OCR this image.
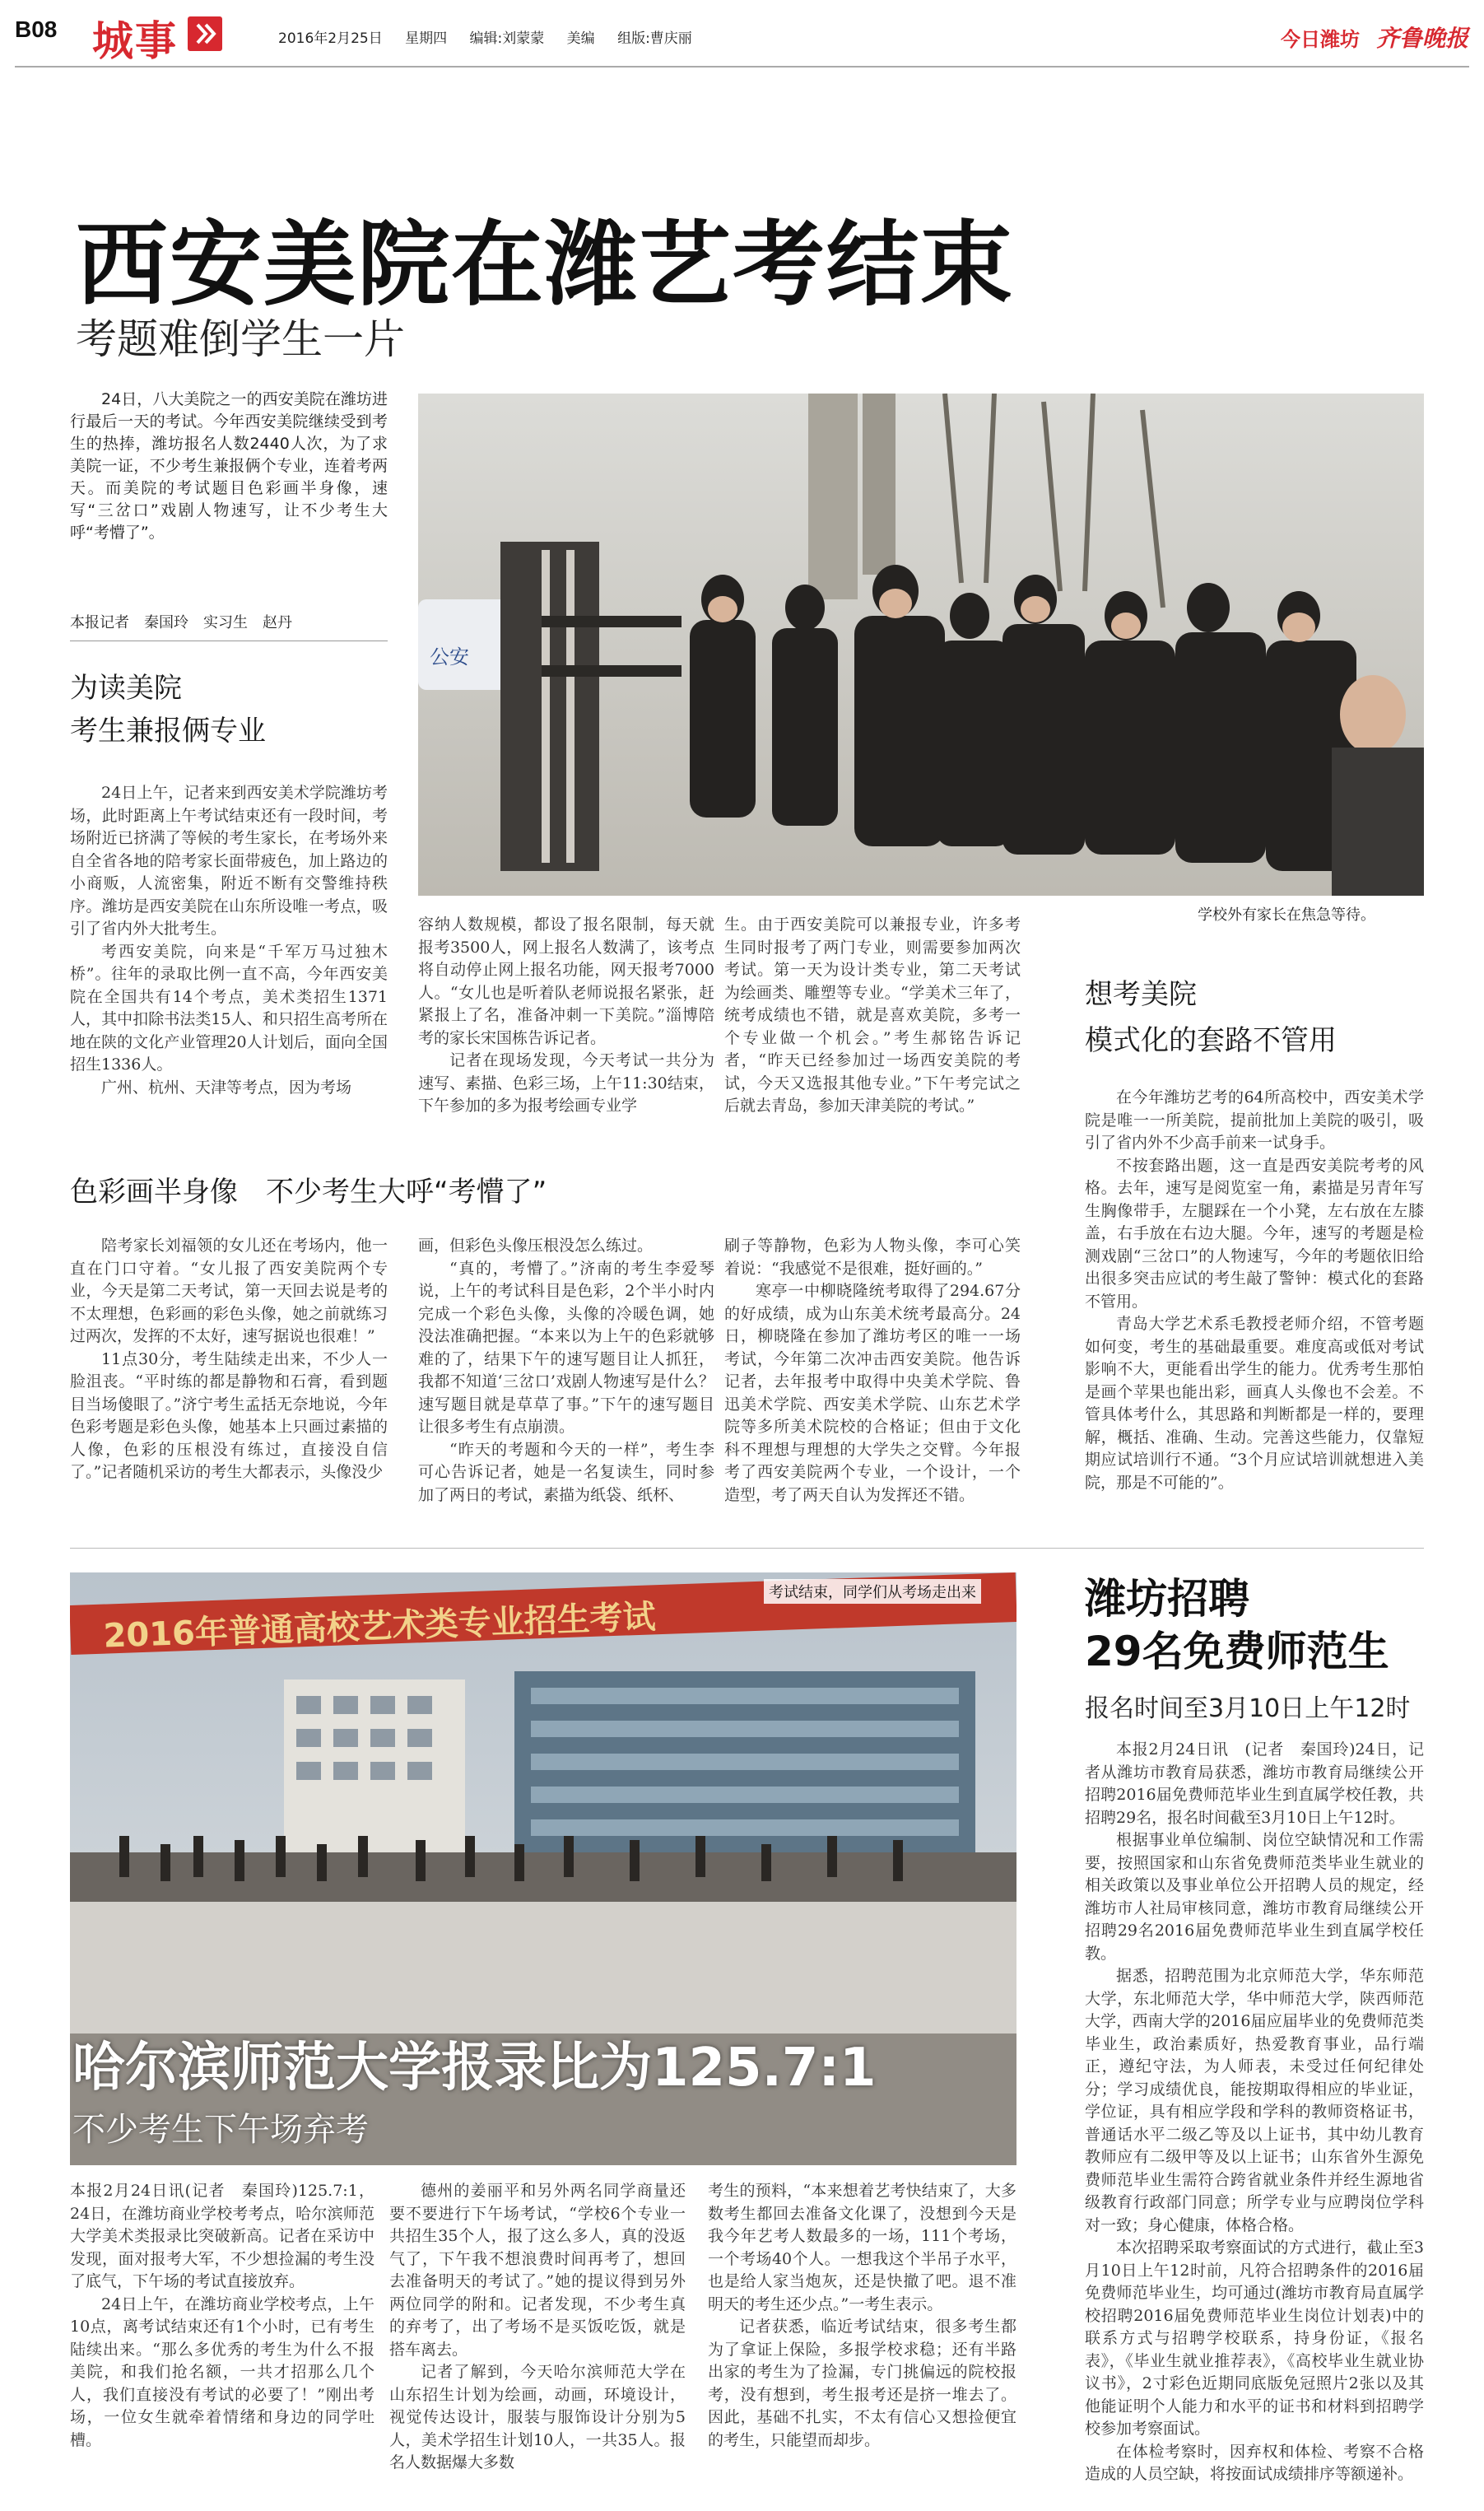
B08 城事	2016年2月25日 星期四 编辑:刘蒙蒙 美编 组版:曹庆丽	今日潍坊 齐鲁晚报
西安美院在潍艺考结束
考题难倒学生一片

24日，八大美院之一的西安美院在潍坊进行最后一天的考试。今年西安美院继续受到考生的热捧，潍坊报名人数2440人次，为了求美院一证，不少考生兼报俩个专业，连着考两天。而美院的考试题目色彩画半身像，速写“三岔口”戏剧人物速写，让不少考生大呼“考懵了”。

本报记者　秦国玲　实习生　赵丹
公安
学校外有家长在焦急等待。
为读美院
考生兼报俩专业

24日上午，记者来到西安美术学院潍坊考场，此时距离上午考试结束还有一段时间，考场附近已挤满了等候的考生家长，在考场外来自全省各地的陪考家长面带疲色，加上路边的小商贩，人流密集，附近不断有交警维持秩序。潍坊是西安美院在山东所设唯一考点，吸引了省内外大批考生。

考西安美院，向来是“千军万马过独木桥”。往年的录取比例一直不高，今年西安美院在全国共有14个考点，美术类招生1371人，其中扣除书法类15人、和只招生高考所在地在陕的文化产业管理20人计划后，面向全国招生1336人。

广州、杭州、天津等考点，因为考场

容纳人数规模，都设了报名限制，每天就报考3500人，网上报名人数满了，该考点将自动停止网上报名功能，网天报考7000人。“女儿也是听着队老师说报名紧张，赶紧报上了名，准备冲刺一下美院。”淄博陪考的家长宋国栋告诉记者。

记者在现场发现，今天考试一共分为速写、素描、色彩三场，上午11:30结束，下午参加的多为报考绘画专业学

生。由于西安美院可以兼报专业，许多考生同时报考了两门专业，则需要参加两次考试。第一天为设计类专业，第二天考试为绘画类、雕塑等专业。“学美术三年了，统考成绩也不错，就是喜欢美院，多考一个专业做一个机会。”考生郝铭告诉记者，“昨天已经参加过一场西安美院的考试，今天又选报其他专业。”下午考完试之后就去青岛，参加天津美院的考试。”

色彩画半身像　不少考生大呼“考懵了”

陪考家长刘福领的女儿还在考场内，他一直在门口守着。“女儿报了西安美院两个专业，今天是第二天考试，第一天回去说是考的不太理想，色彩画的彩色头像，她之前就练习过两次，发挥的不太好，速写据说也很难！”

11点30分，考生陆续走出来，不少人一脸沮丧。“平时练的都是静物和石膏，看到题目当场傻眼了。”济宁考生孟括无奈地说，今年色彩考题是彩色头像，她基本上只画过素描的人像，色彩的压根没有练过，直接没自信了。”记者随机采访的考生大都表示，头像没少

画，但彩色头像压根没怎么练过。

“真的，考懵了。”济南的考生李爱琴说，上午的考试科目是色彩，2个半小时内完成一个彩色头像，头像的冷暖色调，她没法准确把握。“本来以为上午的色彩就够难的了，结果下午的速写题目让人抓狂，我都不知道‘三岔口’戏剧人物速写是什么？速写题目就是草草了事。”下午的速写题目让很多考生有点崩溃。

“昨天的考题和今天的一样”，考生李可心告诉记者，她是一名复读生，同时参加了两日的考试，素描为纸袋、纸杯、

刷子等静物，色彩为人物头像，李可心笑着说：“我感觉不是很难，挺好画的。”

寒亭一中柳晓隆统考取得了294.67分的好成绩，成为山东美术统考最高分。24日，柳晓隆在参加了潍坊考区的唯一一场考试，今年第二次冲击西安美院。他告诉记者，去年报考中取得中央美术学院、鲁迅美术学院、西安美术学院、山东艺术学院等多所美术院校的合格证；但由于文化科不理想与理想的大学失之交臂。今年报考了西安美院两个专业，一个设计，一个造型，考了两天自认为发挥还不错。

想考美院
模式化的套路不管用

在今年潍坊艺考的64所高校中，西安美术学院是唯一一所美院，提前批加上美院的吸引，吸引了省内外不少高手前来一试身手。

不按套路出题，这一直是西安美院考考的风格。去年，速写是阅览室一角，素描是另青年写生胸像带手，左腿踩在一个小凳，左右放在左膝盖，右手放在右边大腿。今年，速写的考题是检测戏剧“三岔口”的人物速写，今年的考题依旧给出很多突击应试的考生敲了警钟：模式化的套路不管用。

青岛大学艺术系毛教授老师介绍，不管考题如何变，考生的基础最重要。难度高或低对考试影响不大，更能看出学生的能力。优秀考生那怕是画个苹果也能出彩，画真人头像也不会差。不管具体考什么，其思路和判断都是一样的，要理解，概括、准确、生动。完善这些能力，仅靠短期应试培训行不通。“3个月应试培训就想进入美院，那是不可能的”。

2016年普通高校艺术类专业招生考试
考试结束，同学们从考场走出来
哈尔滨师范大学报录比为125.7:1
不少考生下午场弃考

本报2月24日讯(记者　秦国玲)125.7:1，24日，在潍坊商业学校考考点，哈尔滨师范大学美术类报录比突破新高。记者在采访中发现，面对报考大军，不少想捡漏的考生没了底气，下午场的考试直接放弃。

24日上午，在潍坊商业学校考点，上午10点，离考试结束还有1个小时，已有考生陆续出来。“那么多优秀的考生为什么不报美院，和我们抢名额，一共才招那么几个人，我们直接没有考试的必要了！”刚出考场，一位女生就牵着情绪和身边的同学吐槽。

德州的姜丽平和另外两名同学商量还要不要进行下午场考试，“学校6个专业一共招生35个人，报了这么多人，真的没返气了，下午我不想浪费时间再考了，想回去准备明天的考试了。”她的提议得到另外两位同学的附和。记者发现，不少考生真的弃考了，出了考场不是买饭吃饭，就是搭车离去。

记者了解到，今天哈尔滨师范大学在山东招生计划为绘画，动画，环境设计，视觉传达设计，服装与服饰设计分别为5人，美术学招生计划10人，一共35人。报名人数据爆大多数

考生的预料，“本来想着艺考快结束了，大多数考生都回去准备文化课了，没想到今天是我今年艺考人数最多的一场，111个考场，一个考场40个人。一想我这个半吊子水平，也是给人家当炮灰，还是快撤了吧。退不准明天的考生还少点。”一考生表示。

记者获悉，临近考试结束，很多考生都为了拿证上保险，多报学校求稳；还有半路出家的考生为了捡漏，专门挑偏远的院校报考，没有想到，考生报考还是挤一堆去了。因此，基础不扎实，不太有信心又想捡便宜的考生，只能望而却步。

潍坊招聘
29名免费师范生
报名时间至3月10日上午12时

本报2月24日讯　(记者　秦国玲)24日，记者从潍坊市教育局获悉，潍坊市教育局继续公开招聘2016届免费师范毕业生到直属学校任教，共招聘29名，报名时间截至3月10日上午12时。

根据事业单位编制、岗位空缺情况和工作需要，按照国家和山东省免费师范类毕业生就业的相关政策以及事业单位公开招聘人员的规定，经潍坊市人社局审核同意，潍坊市教育局继续公开招聘29名2016届免费师范毕业生到直属学校任教。

据悉，招聘范围为北京师范大学，华东师范大学，东北师范大学，华中师范大学，陕西师范大学，西南大学的2016届应届毕业的免费师范类毕业生，政治素质好，热爱教育事业，品行端正，遵纪守法，为人师表，未受过任何纪律处分；学习成绩优良，能按期取得相应的毕业证，学位证，具有相应学段和学科的教师资格证书，普通话水平二级乙等及以上证书，其中幼儿教育教师应有二级甲等及以上证书；山东省外生源免费师范毕业生需符合跨省就业条件并经生源地省级教育行政部门同意；所学专业与应聘岗位学科对一致；身心健康，体格合格。

本次招聘采取考察面试的方式进行，截止至3月10日上午12时前，凡符合招聘条件的2016届免费师范毕业生，均可通过(潍坊市教育局直属学校招聘2016届免费师范毕业生岗位计划表)中的联系方式与招聘学校联系，持身份证，《报名表》，《毕业生就业推荐表》，《高校毕业生就业协议书》，2寸彩色近期同底版免冠照片2张以及其他能证明个人能力和水平的证书和材料到招聘学校参加考察面试。

在体检考察时，因弃权和体检、考察不合格造成的人员空缺，将按面试成绩排序等额递补。
